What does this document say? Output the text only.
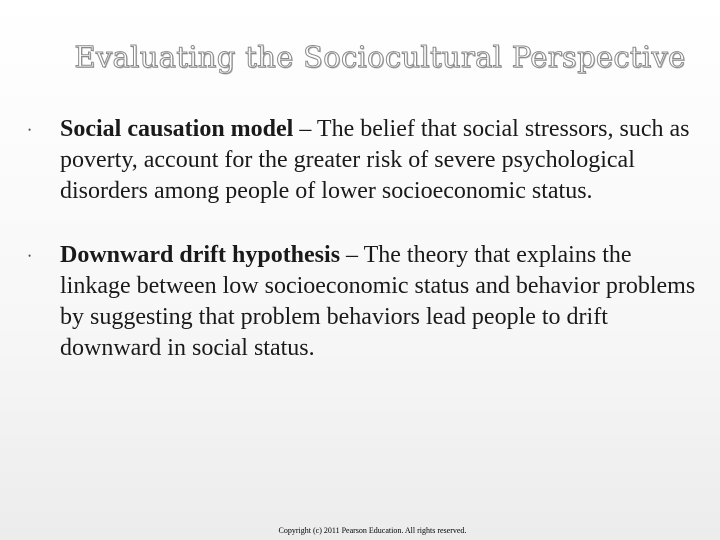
Evaluating the Sociocultural Perspective
• Social causation model – The belief that social stressors, such as poverty, account for the greater risk of severe psychological disorders among people of lower socioeconomic status.
• Downward drift hypothesis – The theory that explains the linkage between low socioeconomic status and behavior problems by suggesting that problem behaviors lead people to drift downward in social status.
Copyright (c) 2011 Pearson Education. All rights reserved.
